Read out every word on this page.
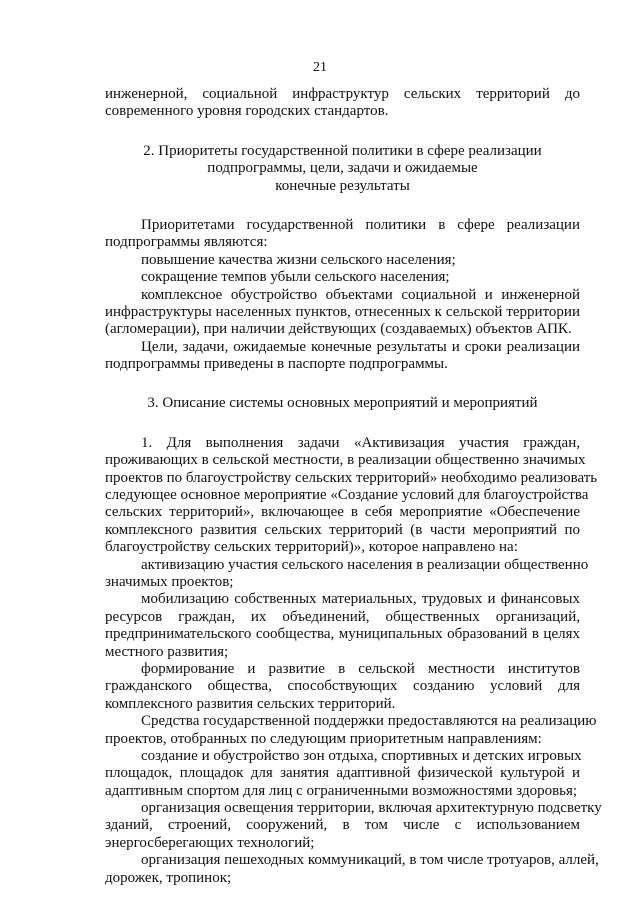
21
инженерной, социальной инфраструктур сельских территорий до
современного уровня городских стандартов.
2. Приоритеты государственной политики в сфере реализации
подпрограммы, цели, задачи и ожидаемые
конечные результаты
Приоритетами государственной политики в сфере реализации
подпрограммы являются:
повышение качества жизни сельского населения;
сокращение темпов убыли сельского населения;
комплексное обустройство объектами социальной и инженерной
инфраструктуры населенных пунктов, отнесенных к сельской территории
(агломерации), при наличии действующих (создаваемых) объектов АПК.
Цели, задачи, ожидаемые конечные результаты и сроки реализации
подпрограммы приведены в паспорте подпрограммы.
3. Описание системы основных мероприятий и мероприятий
1. Для выполнения задачи «Активизация участия граждан,
проживающих в сельской местности, в реализации общественно значимых
проектов по благоустройству сельских территорий» необходимо реализовать
следующее основное мероприятие «Создание условий для благоустройства
сельских территорий», включающее в себя мероприятие «Обеспечение
комплексного развития сельских территорий (в части мероприятий по
благоустройству сельских территорий)», которое направлено на:
активизацию участия сельского населения в реализации общественно
значимых проектов;
мобилизацию собственных материальных, трудовых и финансовых
ресурсов граждан, их объединений, общественных организаций,
предпринимательского сообщества, муниципальных образований в целях
местного развития;
формирование и развитие в сельской местности институтов
гражданского общества, способствующих созданию условий для
комплексного развития сельских территорий.
Средства государственной поддержки предоставляются на реализацию
проектов, отобранных по следующим приоритетным направлениям:
создание и обустройство зон отдыха, спортивных и детских игровых
площадок, площадок для занятия адаптивной физической культурой и
адаптивным спортом для лиц с ограниченными возможностями здоровья;
организация освещения территории, включая архитектурную подсветку
зданий, строений, сооружений, в том числе с использованием
энергосберегающих технологий;
организация пешеходных коммуникаций, в том числе тротуаров, аллей,
дорожек, тропинок;
